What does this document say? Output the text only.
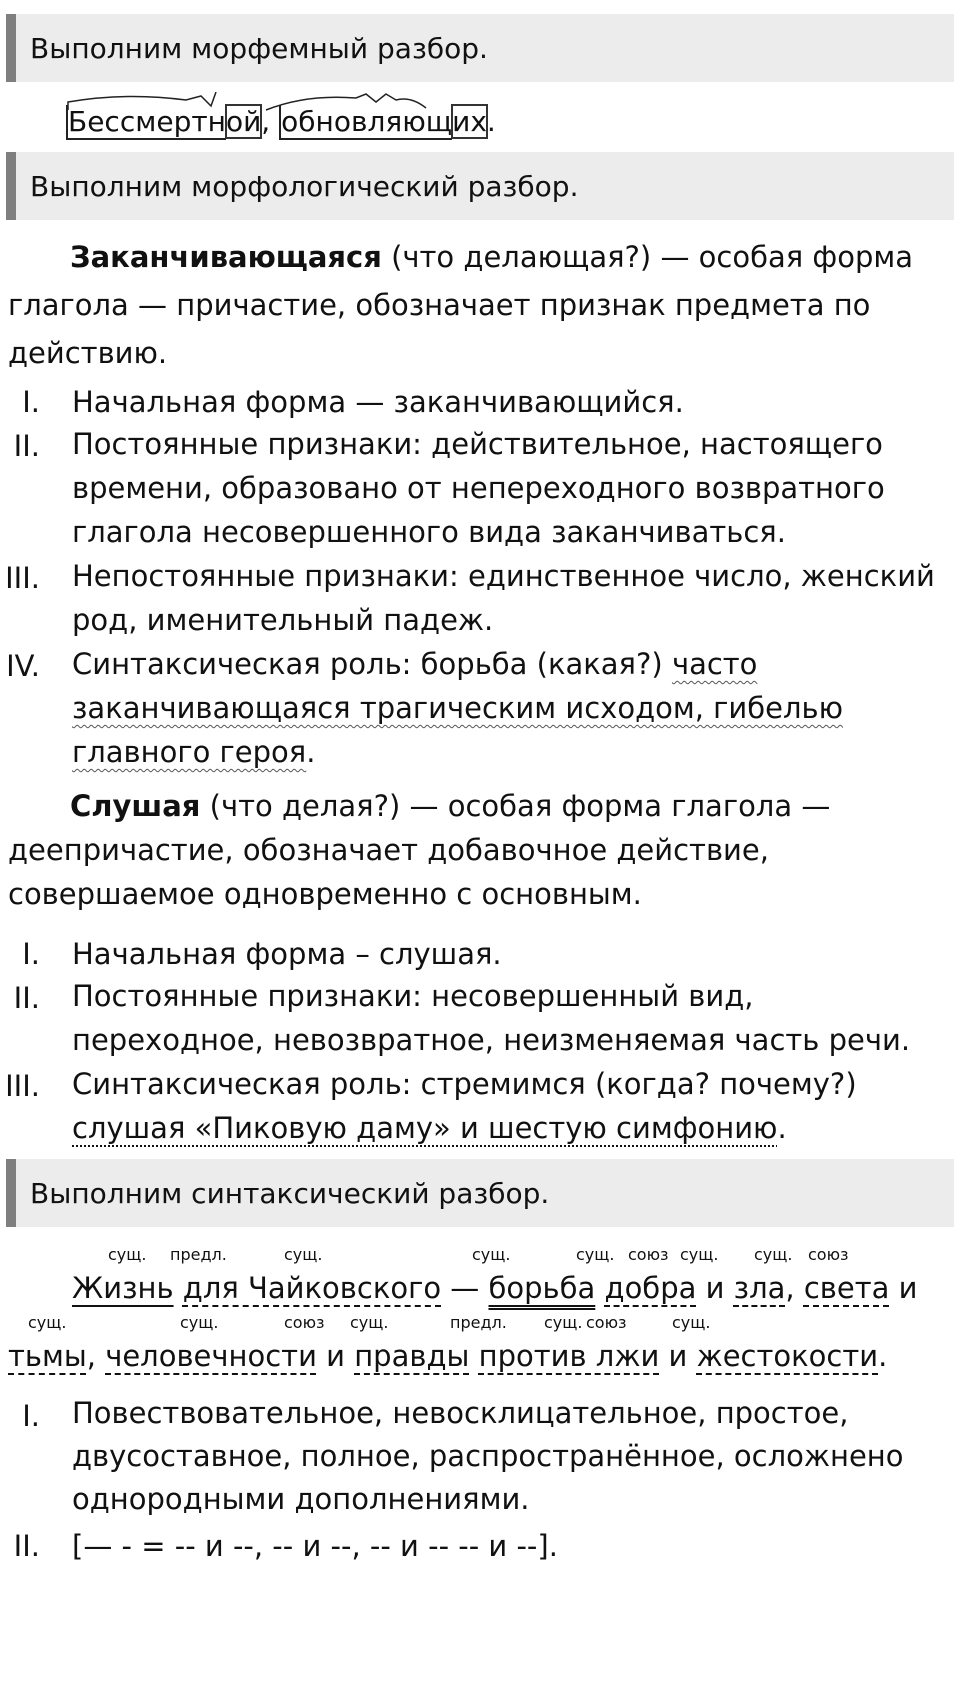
Выполним морфемный разбор.
Бессмертной, обновляющих.
Выполним морфологический разбор.
Заканчивающаяся (что делающая?) — особая форма
глагола — причастие, обозначает признак предмета по
действию.
I. Начальная форма — заканчивающийся.
II. Постоянные признаки: действительное, настоящего
времени, образовано от непереходного возвратного
глагола несовершенного вида заканчиваться.
III. Непостоянные признаки: единственное число, женский
род, именительный падеж.
IV. Синтаксическая роль: борьба (какая?) часто
заканчивающаяся трагическим исходом, гибелью
главного героя.
Слушая (что делая?) — особая форма глагола —
деепричастие, обозначает добавочное действие,
совершаемое одновременно с основным.
I. Начальная форма – слушая.
II. Постоянные признаки: несовершенный вид,
переходное, невозвратное, неизменяемая часть речи.
III. Синтаксическая роль: стремимся (когда? почему?)
слушая «Пиковую даму» и шестую симфонию.
Выполним синтаксический разбор.
сущ. предл.	сущ.	сущ.	сущ. союз сущ. сущ. союз
Жизнь для Чайковского — борьба добра и зла, света и
сущ.	сущ.	союз сущ.	предл. сущ. союз	сущ.
тьмы, человечности и правды против лжи и жестокости.
I. Повествовательное, невосклицательное, простое,
двусоставное, полное, распространённое, осложнено
однородными дополнениями.
II. [— - = -- и --, -- и --, -- и -- -- и --].
